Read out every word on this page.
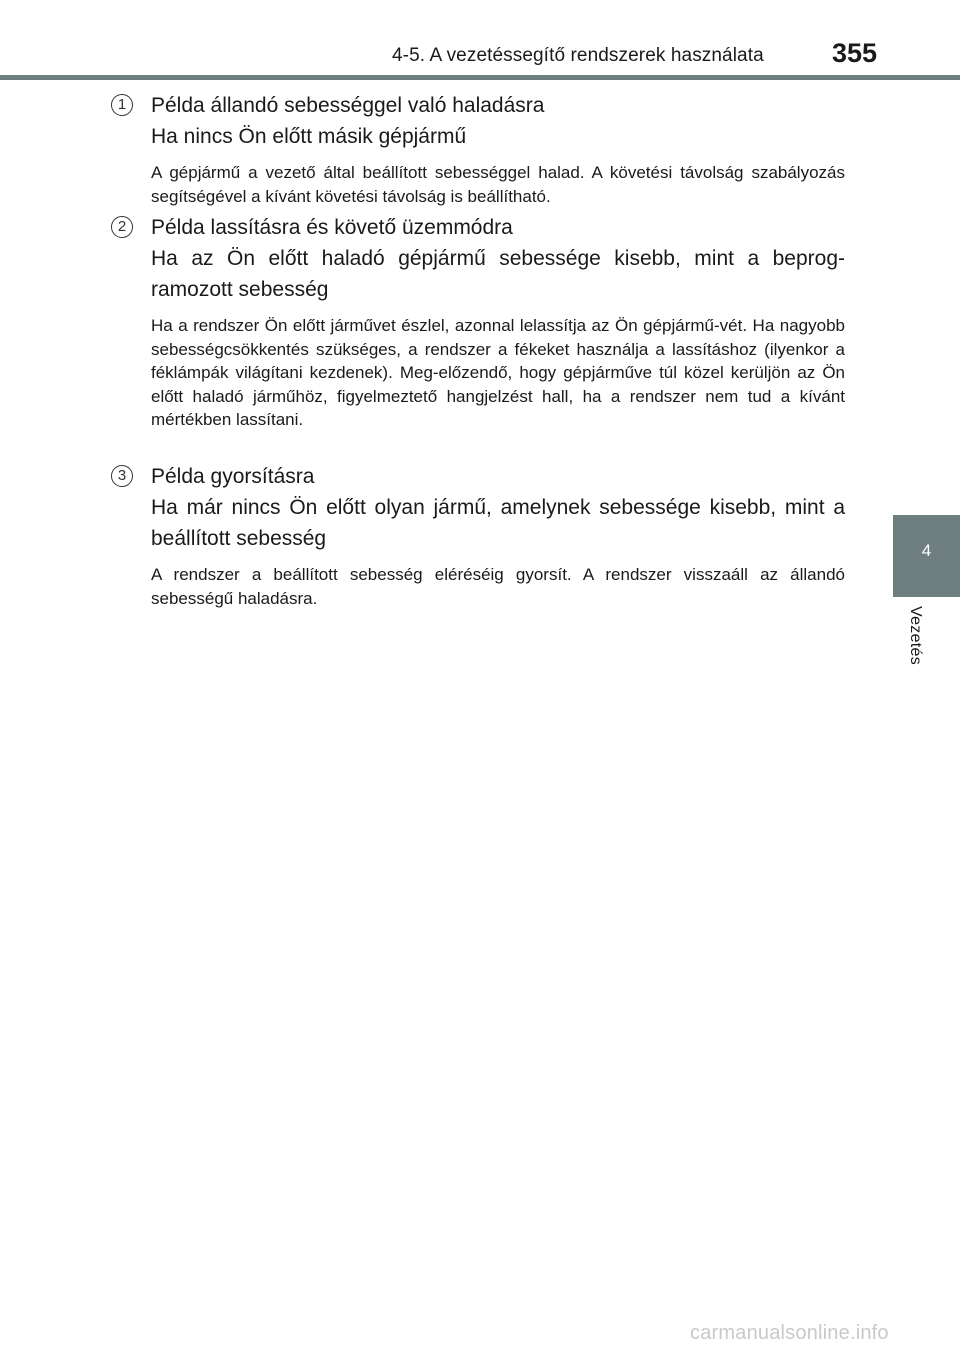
4-5. A vezetéssegítő rendszerek használata	355
4
Vezetés
1	Példa állandó sebességgel való haladásra
Ha nincs Ön előtt másik gépjármű
A gépjármű a vezető által beállított sebességgel halad. A követési távolság szabályozás segítségével a kívánt követési távolság is beállítható.
2	Példa lassításra és követő üzemmódra
Ha az Ön előtt haladó gépjármű sebessége kisebb, mint a beprog-ramozott sebesség
Ha a rendszer Ön előtt járművet észlel, azonnal lelassítja az Ön gépjármű-vét. Ha nagyobb sebességcsökkentés szükséges, a rendszer a fékeket használja a lassításhoz (ilyenkor a féklámpák világítani kezdenek). Meg-előzendő, hogy gépjárműve túl közel kerüljön az Ön előtt haladó járműhöz, figyelmeztető hangjelzést hall, ha a rendszer nem tud a kívánt mértékben lassítani.
3	Példa gyorsításra
Ha már nincs Ön előtt olyan jármű, amelynek sebessége kisebb, mint a beállított sebesség
A rendszer a beállított sebesség eléréséig gyorsít. A rendszer visszaáll az állandó sebességű haladásra.
carmanualsonline.info
